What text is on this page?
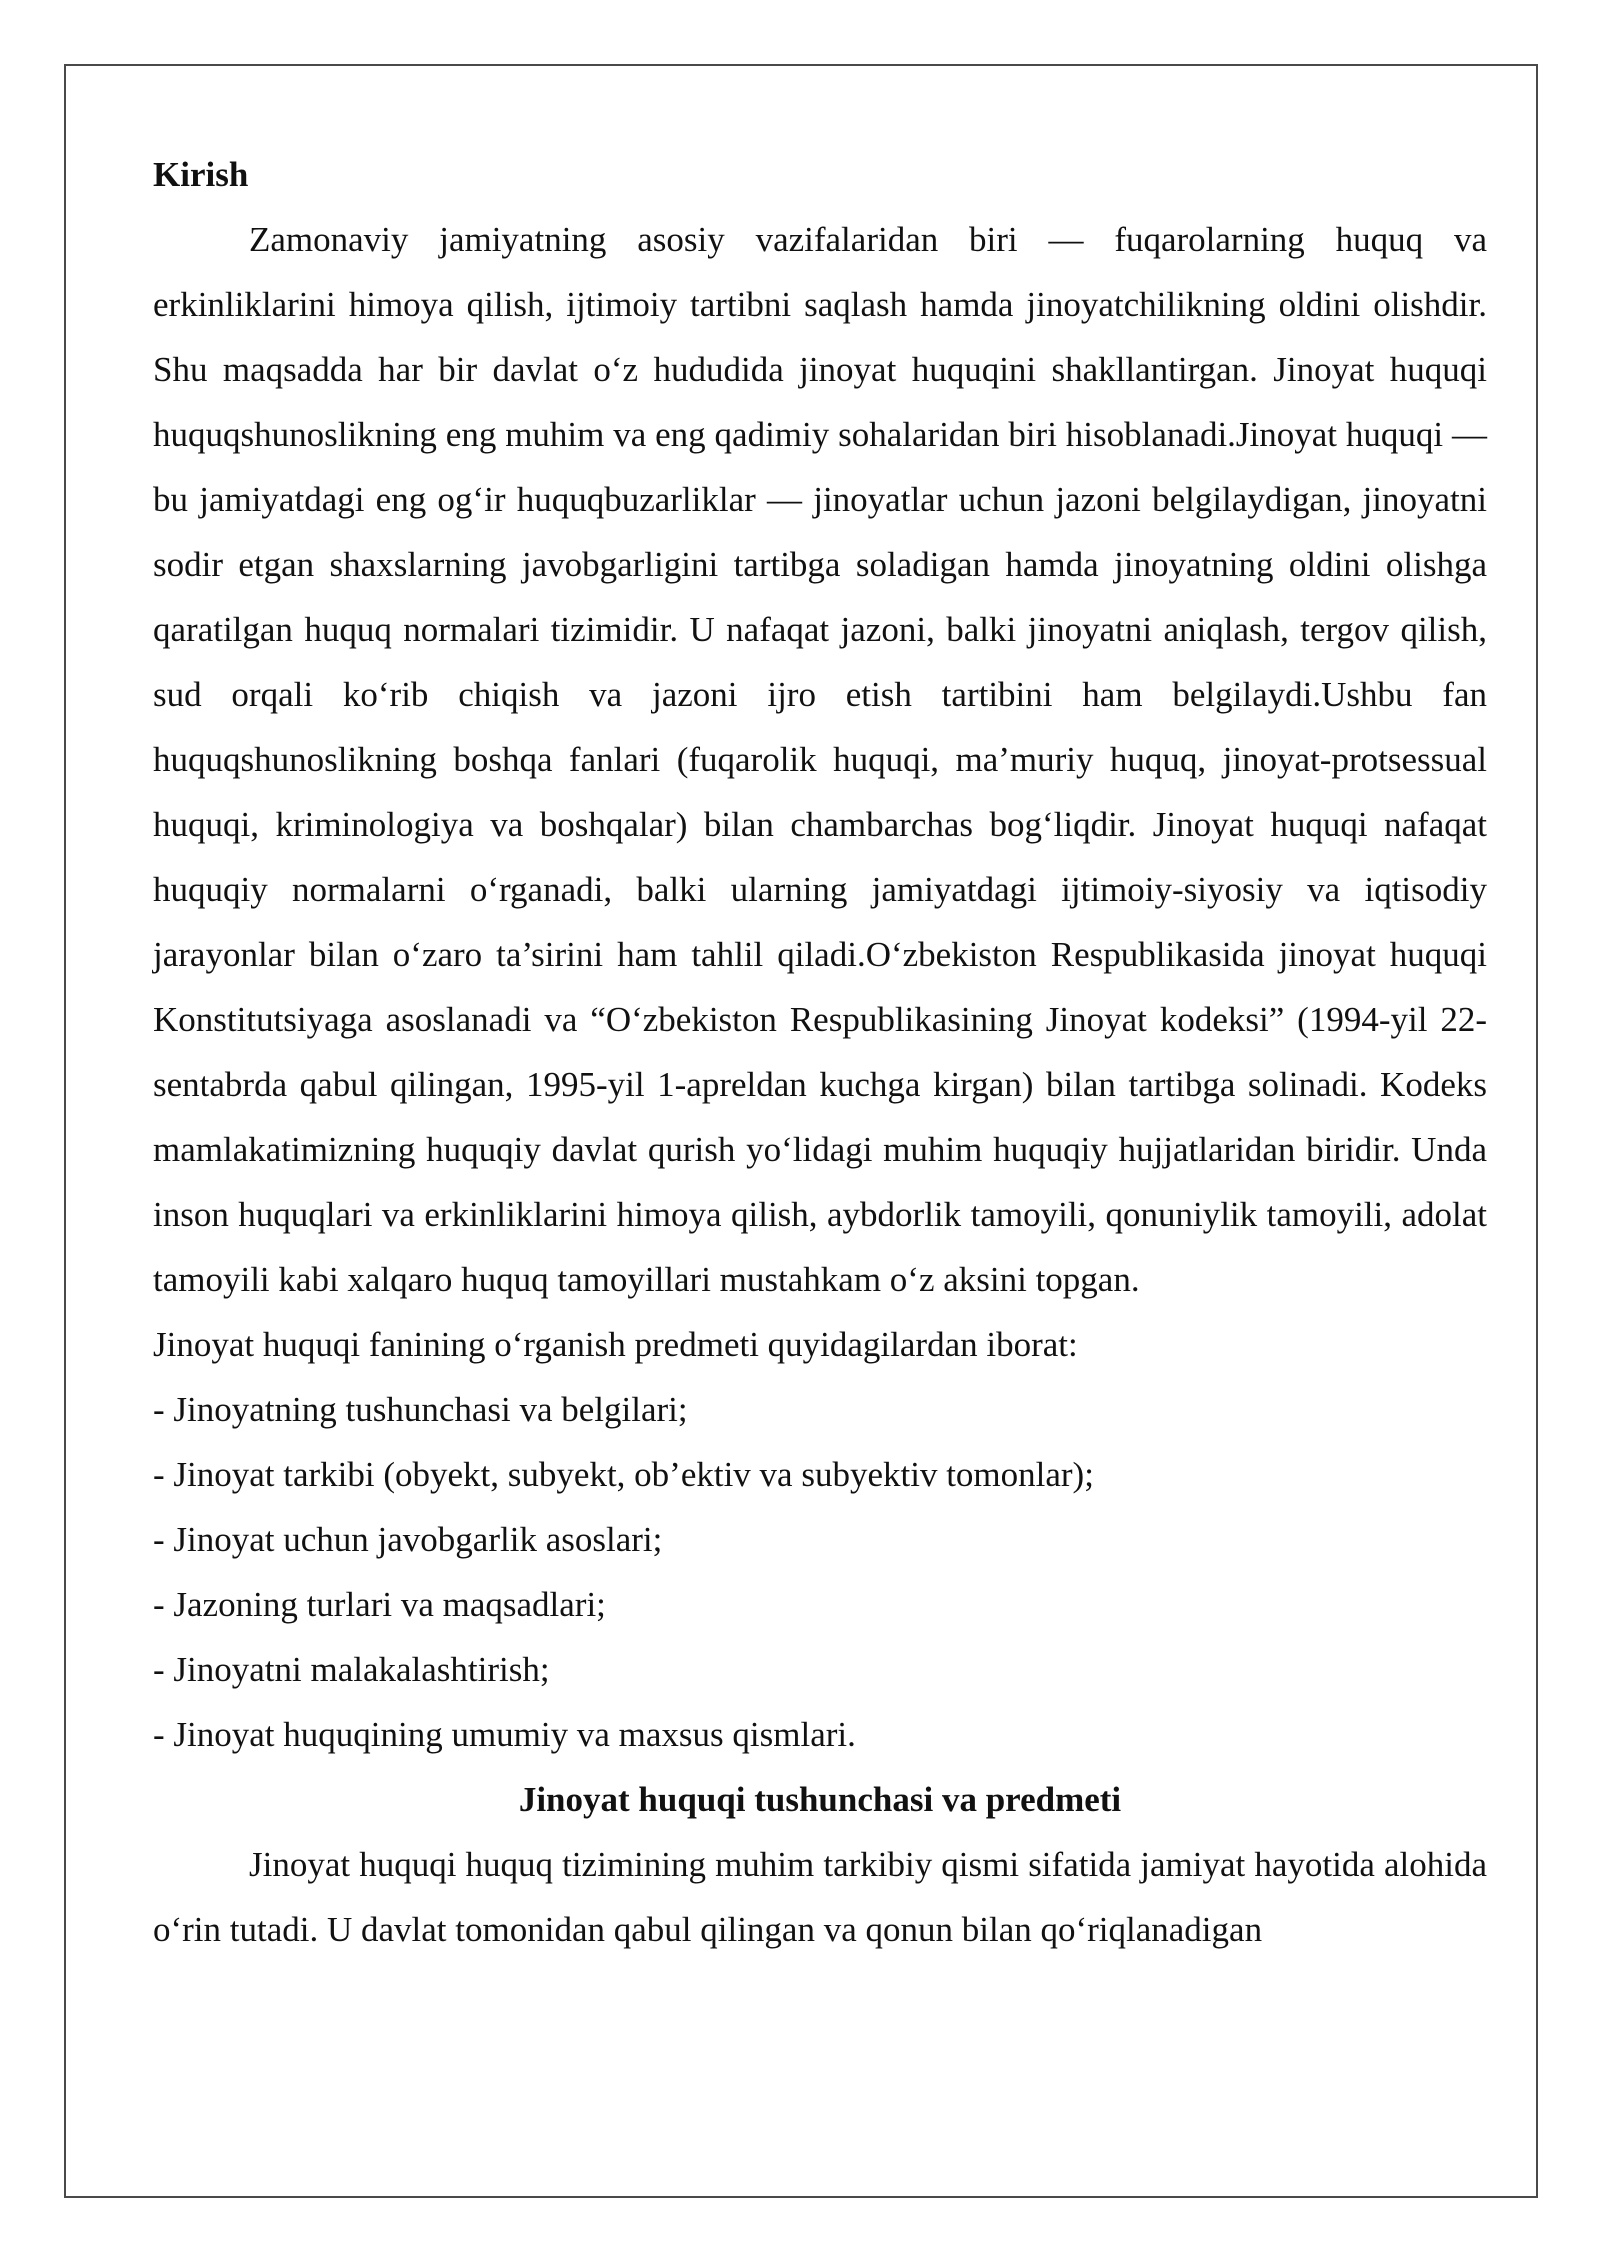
Kirish

Zamonaviy jamiyatning asosiy vazifalaridan biri — fuqarolarning huquq va erkinliklarini himoya qilish, ijtimoiy tartibni saqlash hamda jinoyatchilikning oldini olishdir. Shu maqsadda har bir davlat o‘z hududida jinoyat huquqini shakllantirgan. Jinoyat huquqi huquqshunoslikning eng muhim va eng qadimiy sohalaridan biri hisoblanadi.Jinoyat huquqi — bu jamiyatdagi eng og‘ir huquqbuzarliklar — jinoyatlar uchun jazoni belgilaydigan, jinoyatni sodir etgan shaxslarning javobgarligini tartibga soladigan hamda jinoyatning oldini olishga qaratilgan huquq normalari tizimidir. U nafaqat jazoni, balki jinoyatni aniqlash, tergov qilish, sud orqali ko‘rib chiqish va jazoni ijro etish tartibini ham belgilaydi.Ushbu fan huquqshunoslikning boshqa fanlari (fuqarolik huquqi, ma’muriy huquq, jinoyat-protsessual huquqi, kriminologiya va boshqalar) bilan chambarchas bog‘liqdir. Jinoyat huquqi nafaqat huquqiy normalarni o‘rganadi, balki ularning jamiyatdagi ijtimoiy-siyosiy va iqtisodiy jarayonlar bilan o‘zaro ta’sirini ham tahlil qiladi.O‘zbekiston Respublikasida jinoyat huquqi Konstitutsiyaga asoslanadi va “O‘zbekiston Respublikasining Jinoyat kodeksi” (1994-yil 22-sentabrda qabul qilingan, 1995-yil 1-apreldan kuchga kirgan) bilan tartibga solinadi. Kodeks mamlakatimizning huquqiy davlat qurish yo‘lidagi muhim huquqiy hujjatlaridan biridir. Unda inson huquqlari va erkinliklarini himoya qilish, aybdorlik tamoyili, qonuniylik tamoyili, adolat tamoyili kabi xalqaro huquq tamoyillari mustahkam o‘z aksini topgan.

Jinoyat huquqi fanining o‘rganish predmeti quyidagilardan iborat:

- Jinoyatning tushunchasi va belgilari;
- Jinoyat tarkibi (obyekt, subyekt, ob’ektiv va subyektiv tomonlar);
- Jinoyat uchun javobgarlik asoslari;
- Jazoning turlari va maqsadlari;
- Jinoyatni malakalashtirish;
- Jinoyat huquqining umumiy va maxsus qismlari.

Jinoyat huquqi tushunchasi va predmeti

Jinoyat huquqi huquq tizimining muhim tarkibiy qismi sifatida jamiyat hayotida alohida o‘rin tutadi. U davlat tomonidan qabul qilingan va qonun bilan qo‘riqlanadigan
